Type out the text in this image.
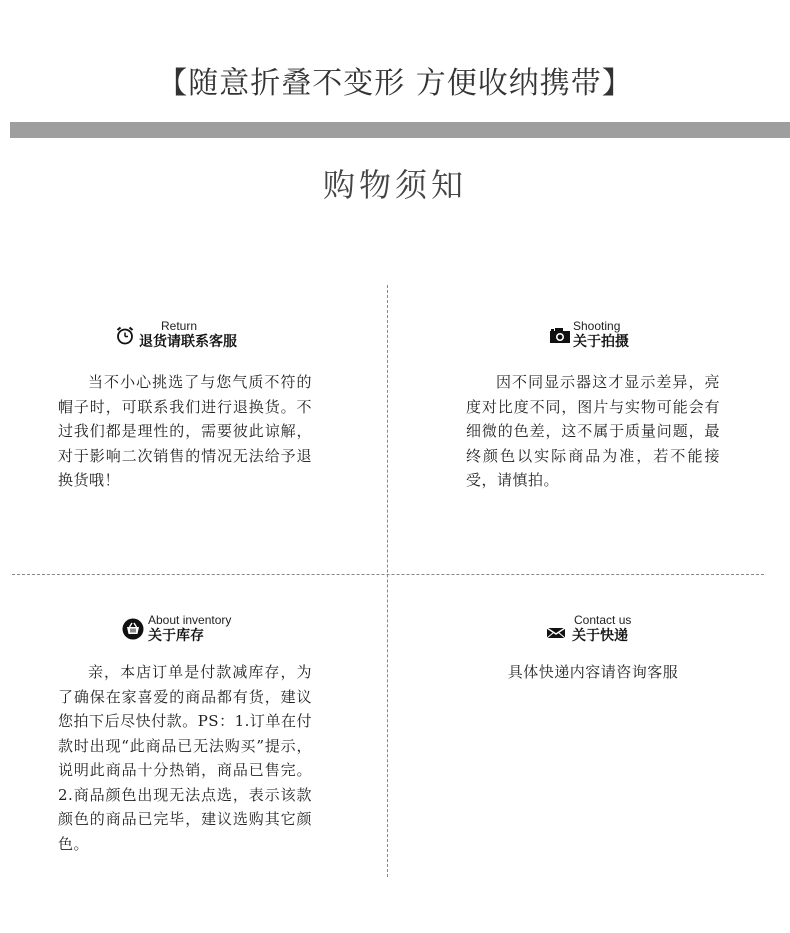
【随意折叠不变形 方便收纳携带】
购物须知
Return
退货请联系客服
当不小心挑选了与您气质不符的帽子时，可联系我们进行退换货。不过我们都是理性的，需要彼此谅解，对于影响二次销售的情况无法给予退换货哦！
Shooting
关于拍摄
因不同显示器这才显示差异，亮度对比度不同，图片与实物可能会有细微的色差，这不属于质量问题，最终颜色以实际商品为准，若不能接受，请慎拍。
About inventory
关于库存
亲，本店订单是付款减库存，为了确保在家喜爱的商品都有货，建议您拍下后尽快付款。PS：1.订单在付款时出现“此商品已无法购买”提示，说明此商品十分热销，商品已售完。2.商品颜色出现无法点选，表示该款颜色的商品已完毕，建议选购其它颜色。
Contact us
关于快递
具体快递内容请咨询客服
